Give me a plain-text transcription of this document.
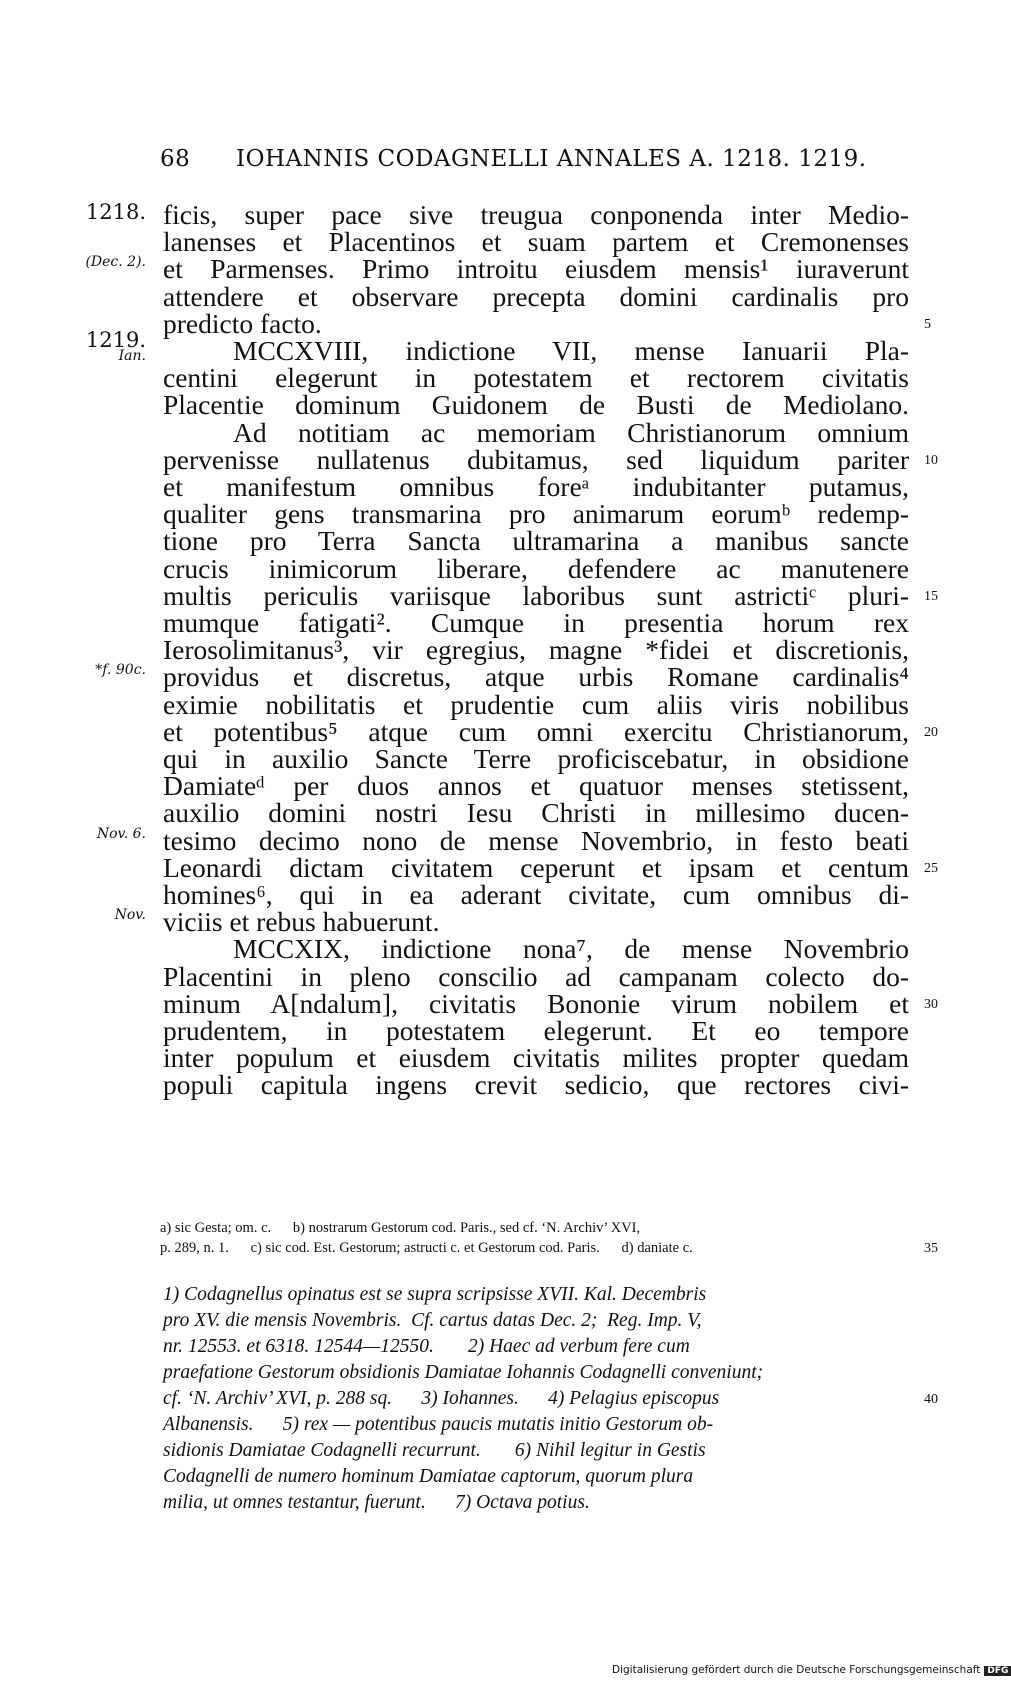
68 IOHANNIS CODAGNELLI ANNALES A. 1218. 1219.
ficis, super pace sive treugua conponenda inter Medio-
lanenses et Placentinos et suam partem et Cremonenses
et Parmenses. Primo introitu eiusdem mensis¹ iuraverunt
attendere et observare precepta domini cardinalis pro
predicto facto.
MCCXVIII, indictione VII, mense Ianuarii Pla-
centini elegerunt in potestatem et rectorem civitatis
Placentie dominum Guidonem de Busti de Mediolano.
Ad notitiam ac memoriam Christianorum omnium
pervenisse nullatenus dubitamus, sed liquidum pariter
et manifestum omnibus foreᵃ indubitanter putamus,
qualiter gens transmarina pro animarum eorumᵇ redemp-
tione pro Terra Sancta ultramarina a manibus sancte
crucis inimicorum liberare, defendere ac manutenere
multis periculis variisque laboribus sunt astrictiᶜ pluri-
mumque fatigati². Cumque in presentia horum rex
Ierosolimitanus³, vir egregius, magne *fidei et discretionis,
providus et discretus, atque urbis Romane cardinalis⁴
eximie nobilitatis et prudentie cum aliis viris nobilibus
et potentibus⁵ atque cum omni exercitu Christianorum,
qui in auxilio Sancte Terre proficiscebatur, in obsidione
Damiateᵈ per duos annos et quatuor menses stetissent,
auxilio domini nostri Iesu Christi in millesimo ducen-
tesimo decimo nono de mense Novembrio, in festo beati
Leonardi dictam civitatem ceperunt et ipsam et centum
homines⁶, qui in ea aderant civitate, cum omnibus di-
viciis et rebus habuerunt.
MCCXIX, indictione nona⁷, de mense Novembrio
Placentini in pleno conscilio ad campanam colecto do-
minum A[ndalum], civitatis Bononie virum nobilem et
prudentem, in potestatem elegerunt. Et eo tempore
inter populum et eiusdem civitatis milites propter quedam
populi capitula ingens crevit sedicio, que rectores civi-
1218.
(Dec. 2).
1219.
Ian.
*f. 90c.
Nov. 6.
Nov.
5
10
15
20
25
30
35
40
a) sic Gesta; om. c.      b) nostrarum Gestorum cod. Paris., sed cf. ‘N. Archiv’ XVI,
p. 289, n. 1.      c) sic cod. Est. Gestorum; astructi c. et Gestorum cod. Paris.      d) daniate c.
1) Codagnellus opinatus est se supra scripsisse XVII. Kal. Decembris
pro XV. die mensis Novembris.  Cf. cartus datas Dec. 2;  Reg. Imp. V,
nr. 12553. et 6318. 12544—12550.       2) Haec ad verbum fere cum
praefatione Gestorum obsidionis Damiatae Iohannis Codagnelli conveniunt;
cf. ‘N. Archiv’ XVI, p. 288 sq.      3) Iohannes.      4) Pelagius episcopus
Albanensis.      5) rex — potentibus paucis mutatis initio Gestorum ob-
sidionis Damiatae Codagnelli recurrunt.       6) Nihil legitur in Gestis
Codagnelli de numero hominum Damiatae captorum, quorum plura
milia, ut omnes testantur, fuerunt.      7) Octava potius.
Digitalisierung gefördert durch die Deutsche Forschungsgemeinschaft DFG
